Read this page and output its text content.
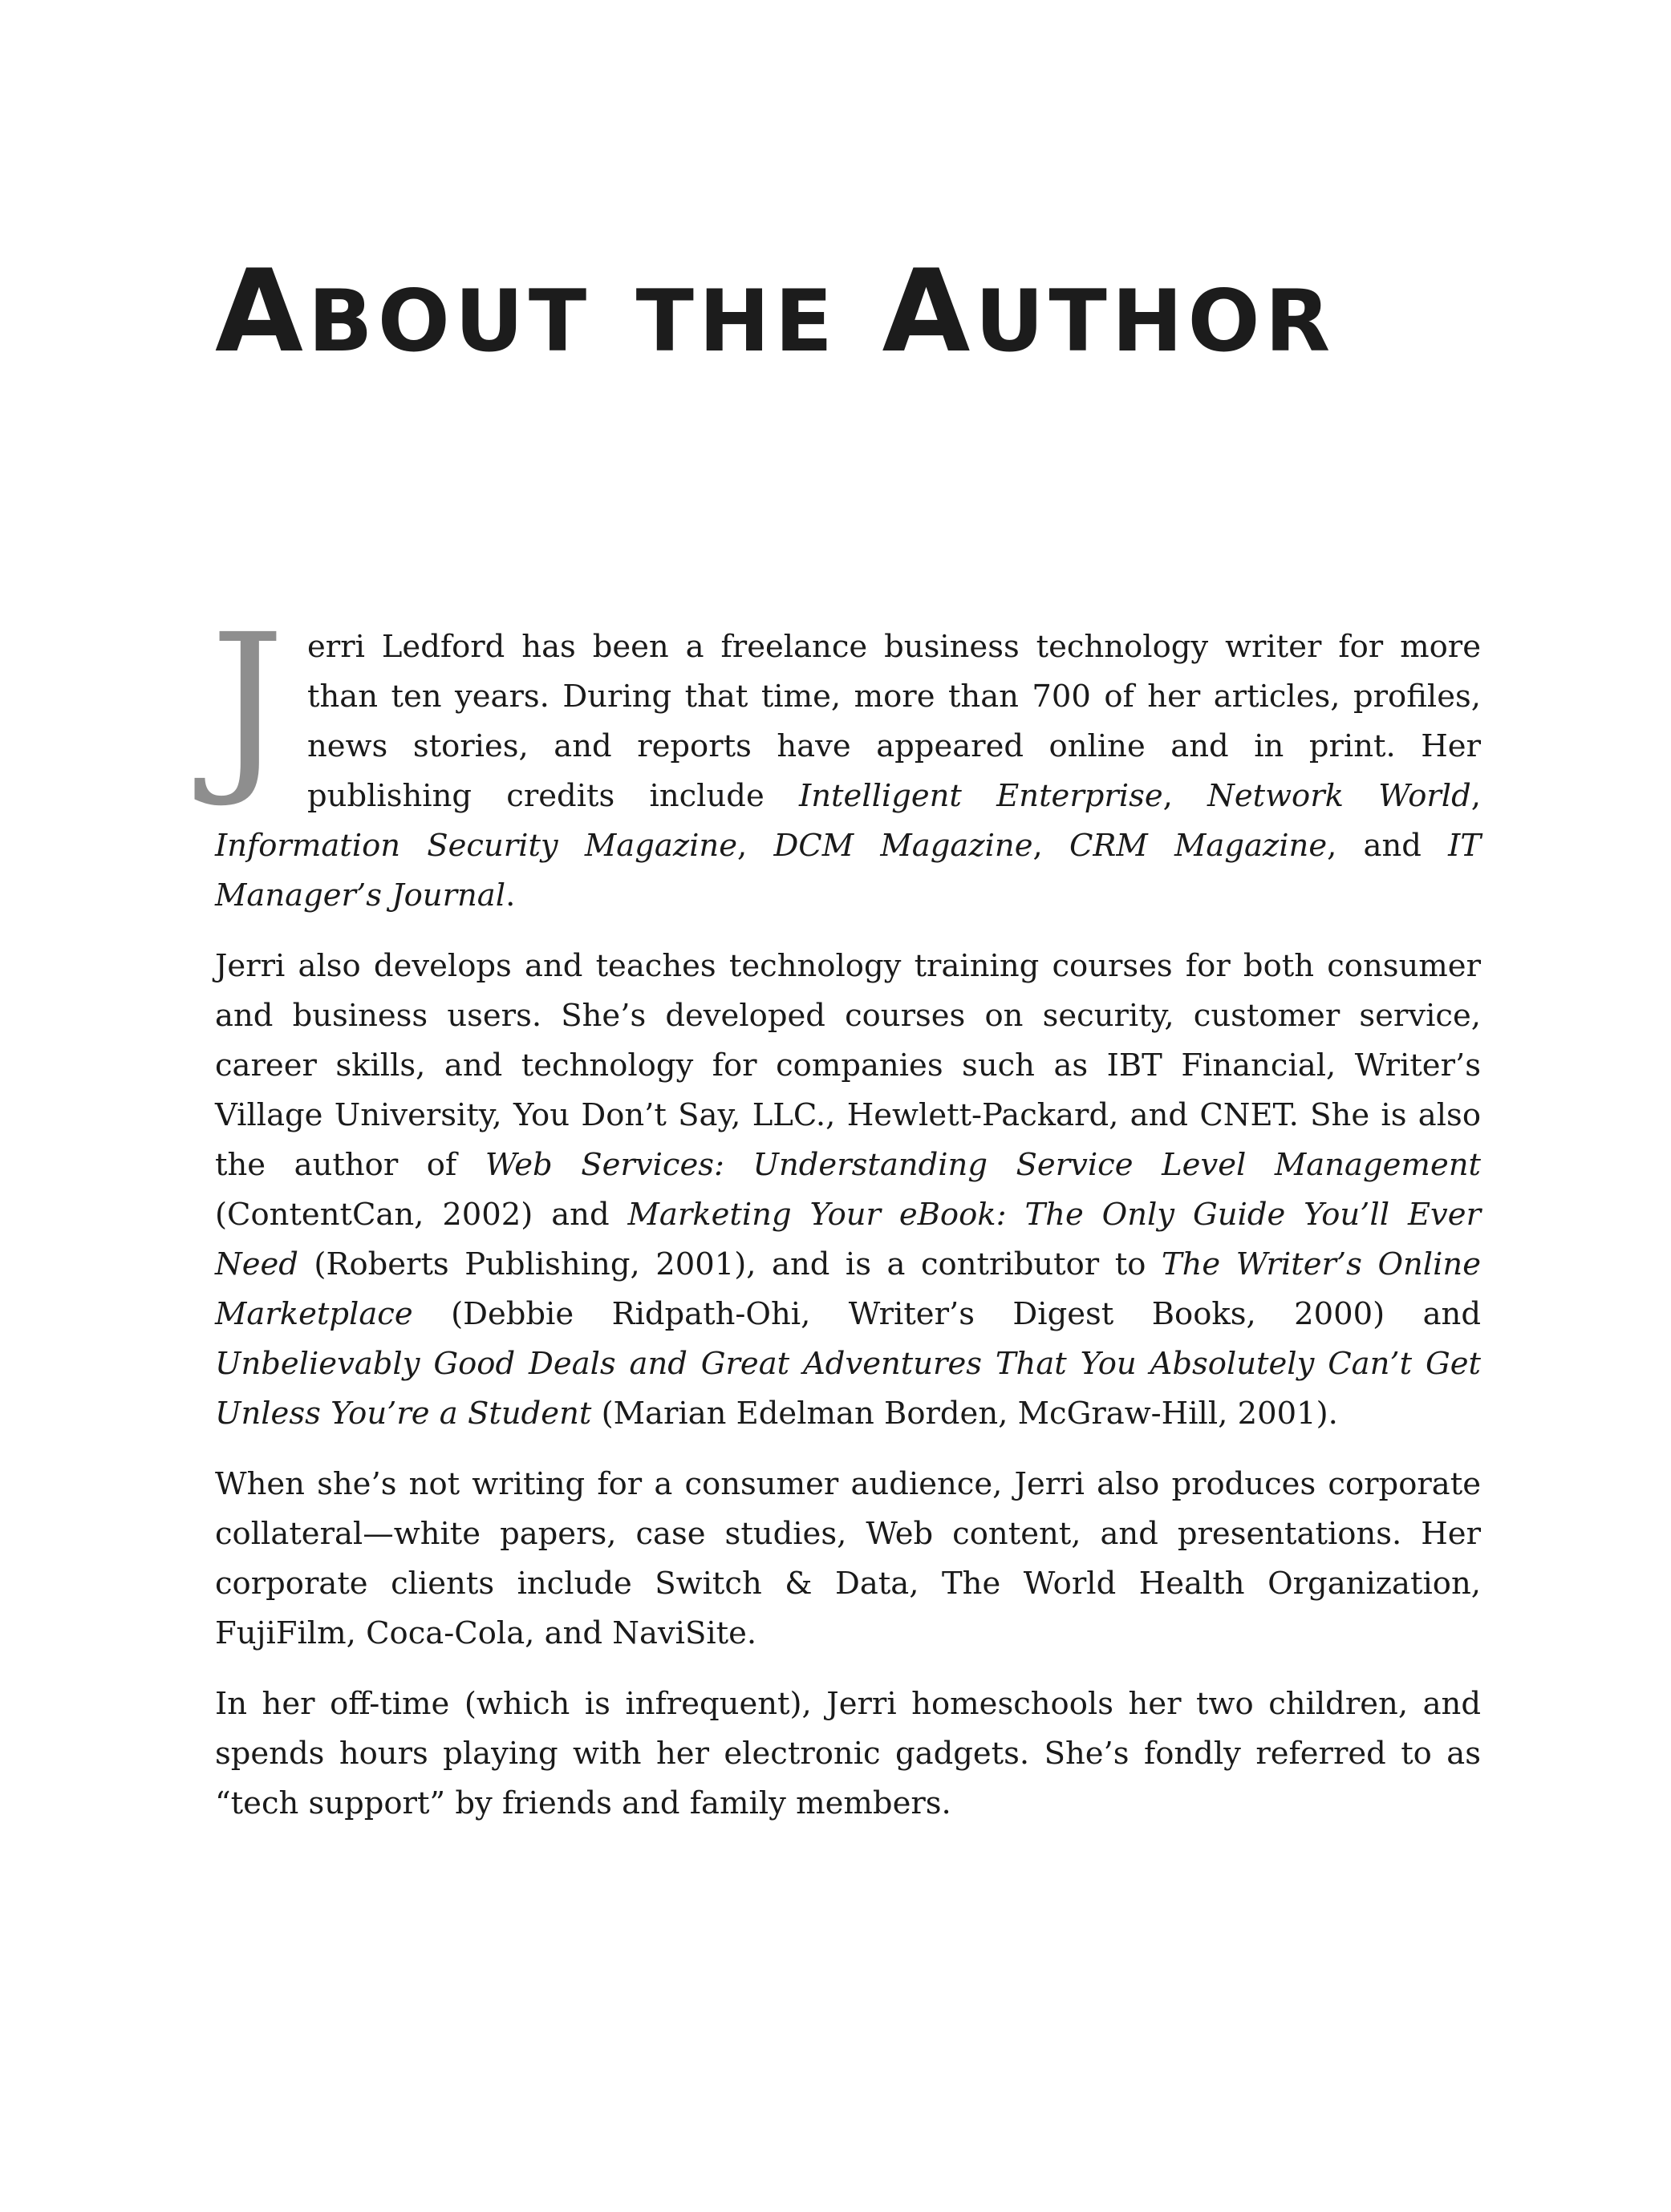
ABOUT THE AUTHOR

Jerri Ledford has been a freelance business technology writer for more than ten years. During that time, more than 700 of her articles, profiles, news stories, and reports have appeared online and in print. Her publishing credits include Intelligent Enterprise, Network World, Information Security Magazine, DCM Magazine, CRM Magazine, and IT Manager’s Journal.

Jerri also develops and teaches technology training courses for both consumer and business users. She’s developed courses on security, customer service, career skills, and technology for companies such as IBT Financial, Writer’s Village University, You Don’t Say, LLC., Hewlett-Packard, and CNET. She is also the author of Web Services: Understanding Service Level Management (ContentCan, 2002) and Marketing Your eBook: The Only Guide You’ll Ever Need (Roberts Publishing, 2001), and is a contributor to The Writer’s Online Marketplace (Debbie Ridpath-Ohi, Writer’s Digest Books, 2000) and Unbelievably Good Deals and Great Adventures That You Absolutely Can’t Get Unless You’re a Student (Marian Edelman Borden, McGraw-Hill, 2001).

When she’s not writing for a consumer audience, Jerri also produces corporate collateral—white papers, case studies, Web content, and presentations. Her corporate clients include Switch & Data, The World Health Organization, FujiFilm, Coca-Cola, and NaviSite.

In her off-time (which is infrequent), Jerri homeschools her two children, and spends hours playing with her electronic gadgets. She’s fondly referred to as “tech support” by friends and family members.
